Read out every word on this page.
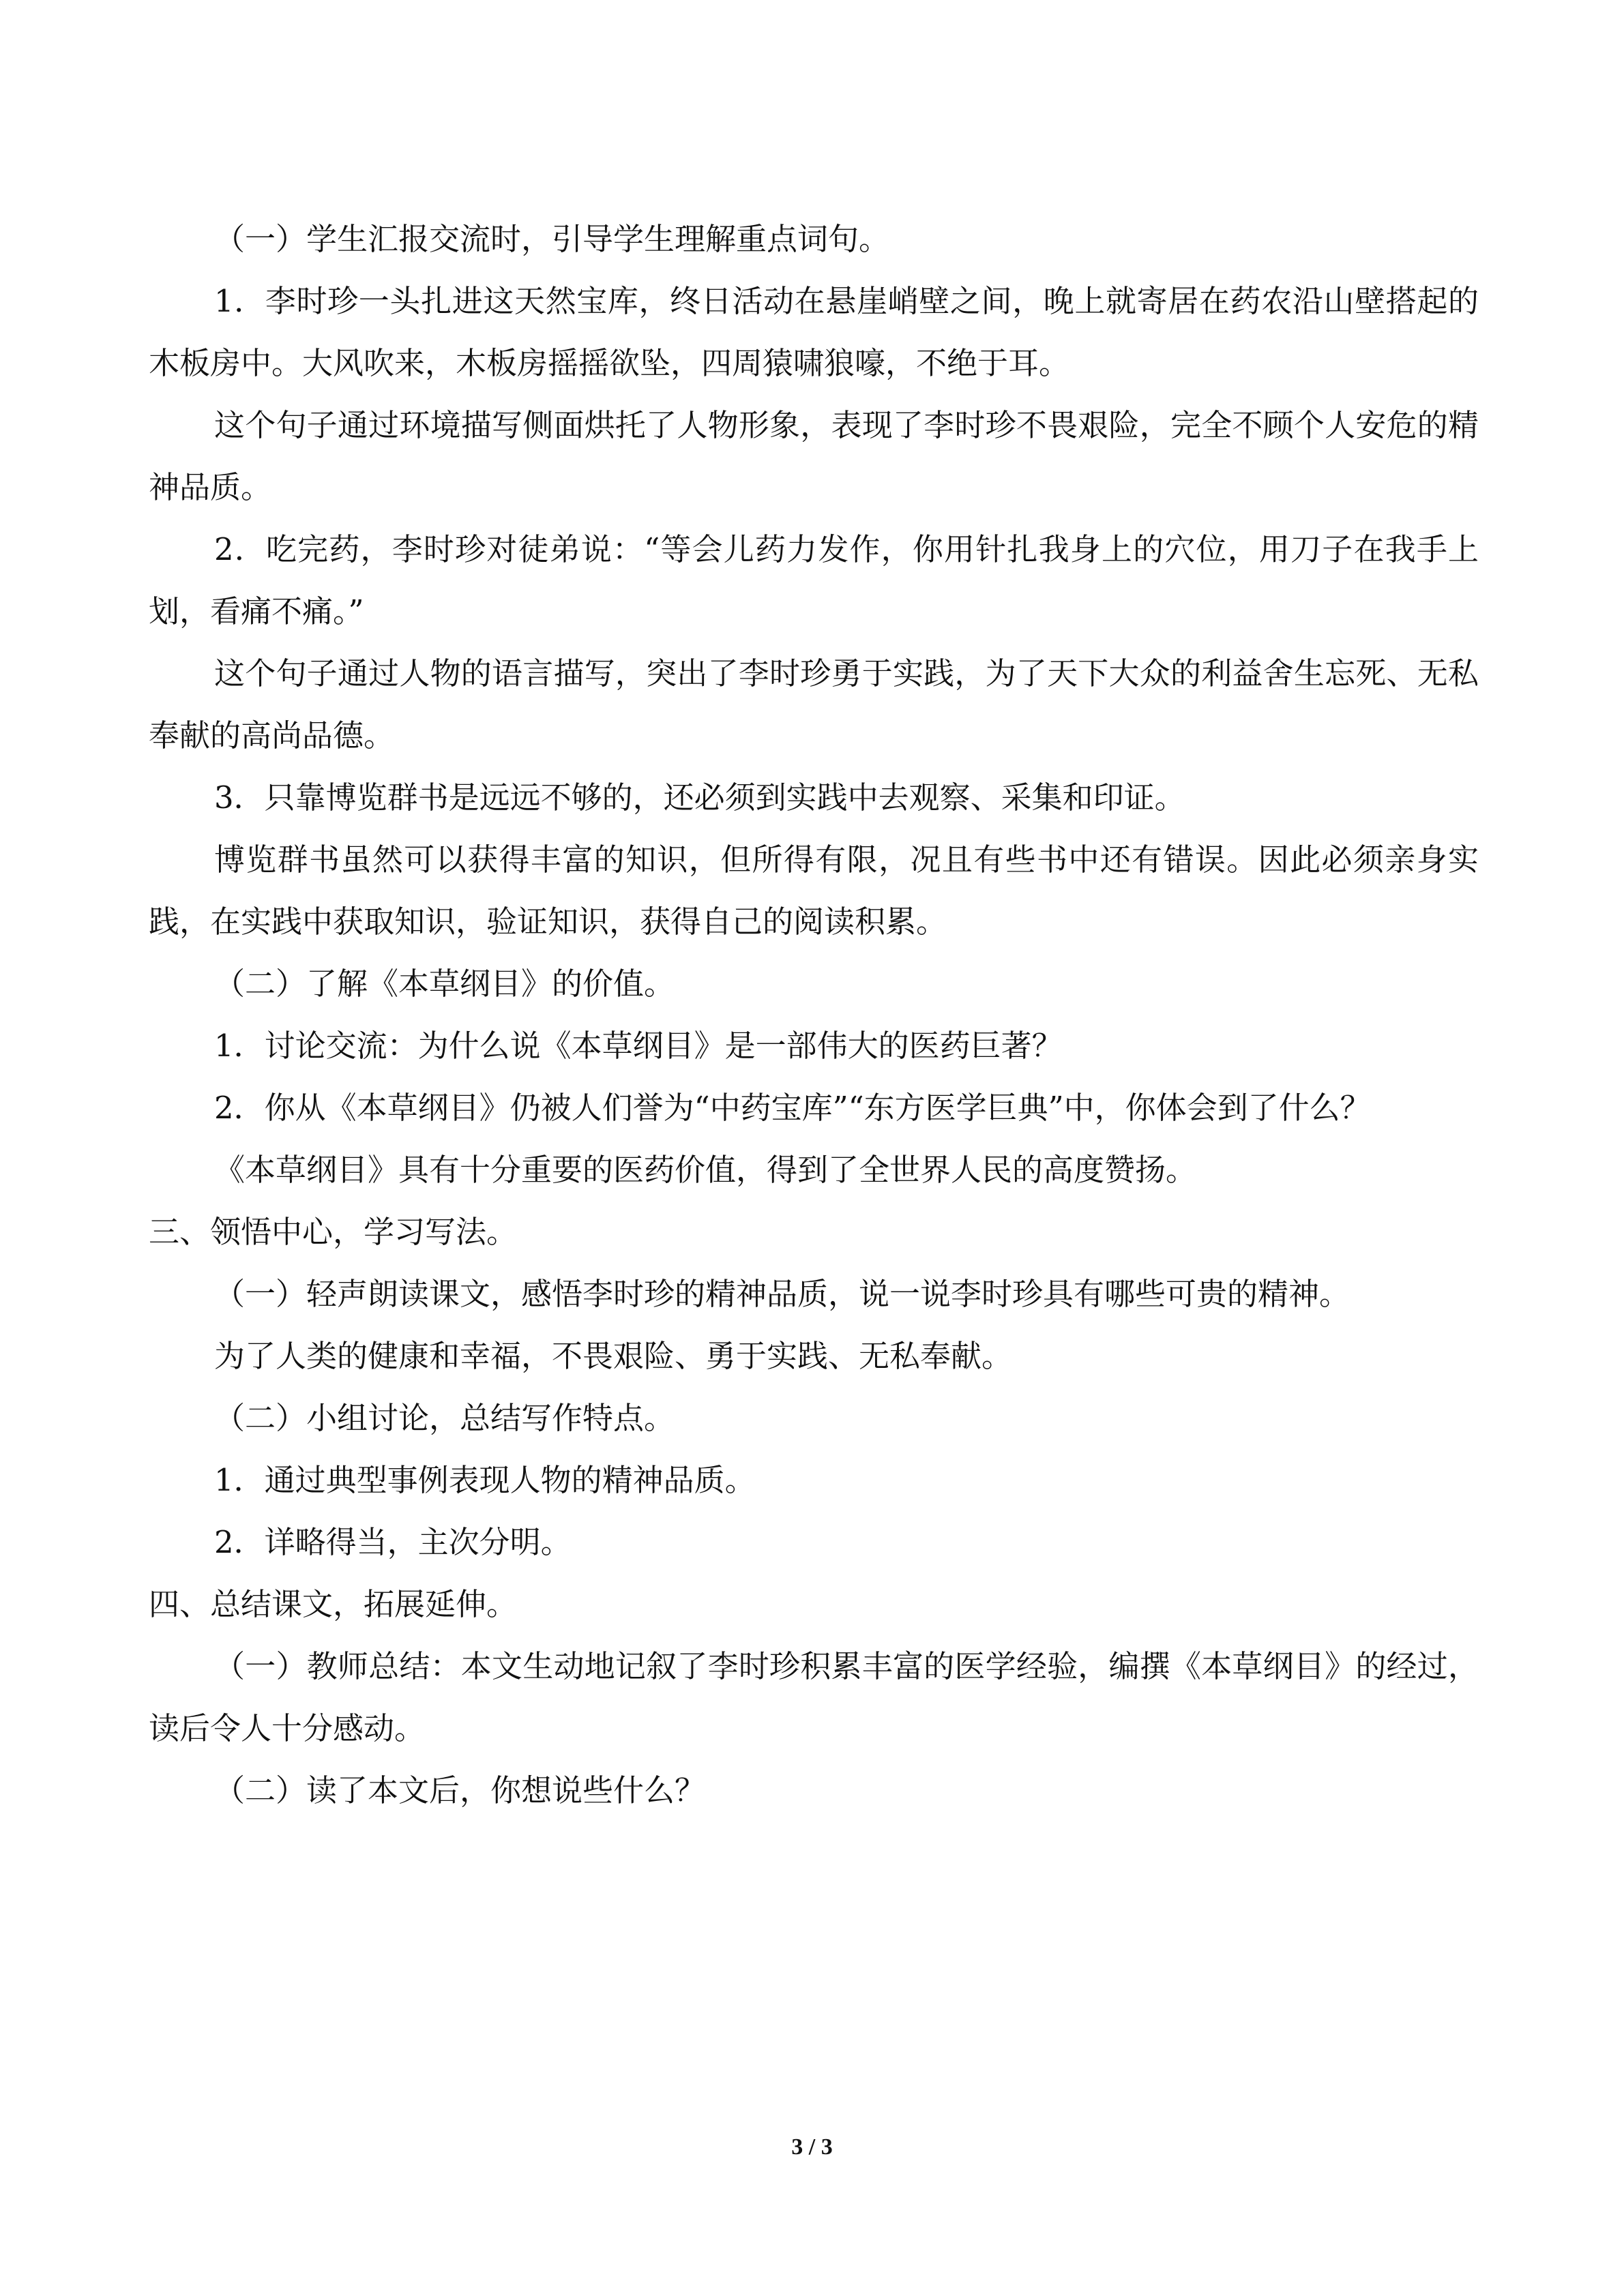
（一）学生汇报交流时，引导学生理解重点词句。

1．李时珍一头扎进这天然宝库，终日活动在悬崖峭壁之间，晚上就寄居在药农沿山壁搭起的木板房中。大风吹来，木板房摇摇欲坠，四周猿啸狼嚎，不绝于耳。

这个句子通过环境描写侧面烘托了人物形象，表现了李时珍不畏艰险，完全不顾个人安危的精神品质。

2．吃完药，李时珍对徒弟说：“等会儿药力发作，你用针扎我身上的穴位，用刀子在我手上划，看痛不痛。”

这个句子通过人物的语言描写，突出了李时珍勇于实践，为了天下大众的利益舍生忘死、无私奉献的高尚品德。

3．只靠博览群书是远远不够的，还必须到实践中去观察、采集和印证。

博览群书虽然可以获得丰富的知识，但所得有限，况且有些书中还有错误。因此必须亲身实践，在实践中获取知识，验证知识，获得自己的阅读积累。

（二）了解《本草纲目》的价值。

1．讨论交流：为什么说《本草纲目》是一部伟大的医药巨著？

2．你从《本草纲目》仍被人们誉为“中药宝库”“东方医学巨典”中，你体会到了什么？

《本草纲目》具有十分重要的医药价值，得到了全世界人民的高度赞扬。

三、领悟中心，学习写法。

（一）轻声朗读课文，感悟李时珍的精神品质，说一说李时珍具有哪些可贵的精神。

为了人类的健康和幸福，不畏艰险、勇于实践、无私奉献。

（二）小组讨论，总结写作特点。

1．通过典型事例表现人物的精神品质。

2．详略得当，主次分明。

四、总结课文，拓展延伸。

（一）教师总结：本文生动地记叙了李时珍积累丰富的医学经验，编撰《本草纲目》的经过，读后令人十分感动。

（二）读了本文后，你想说些什么？

3 / 3
